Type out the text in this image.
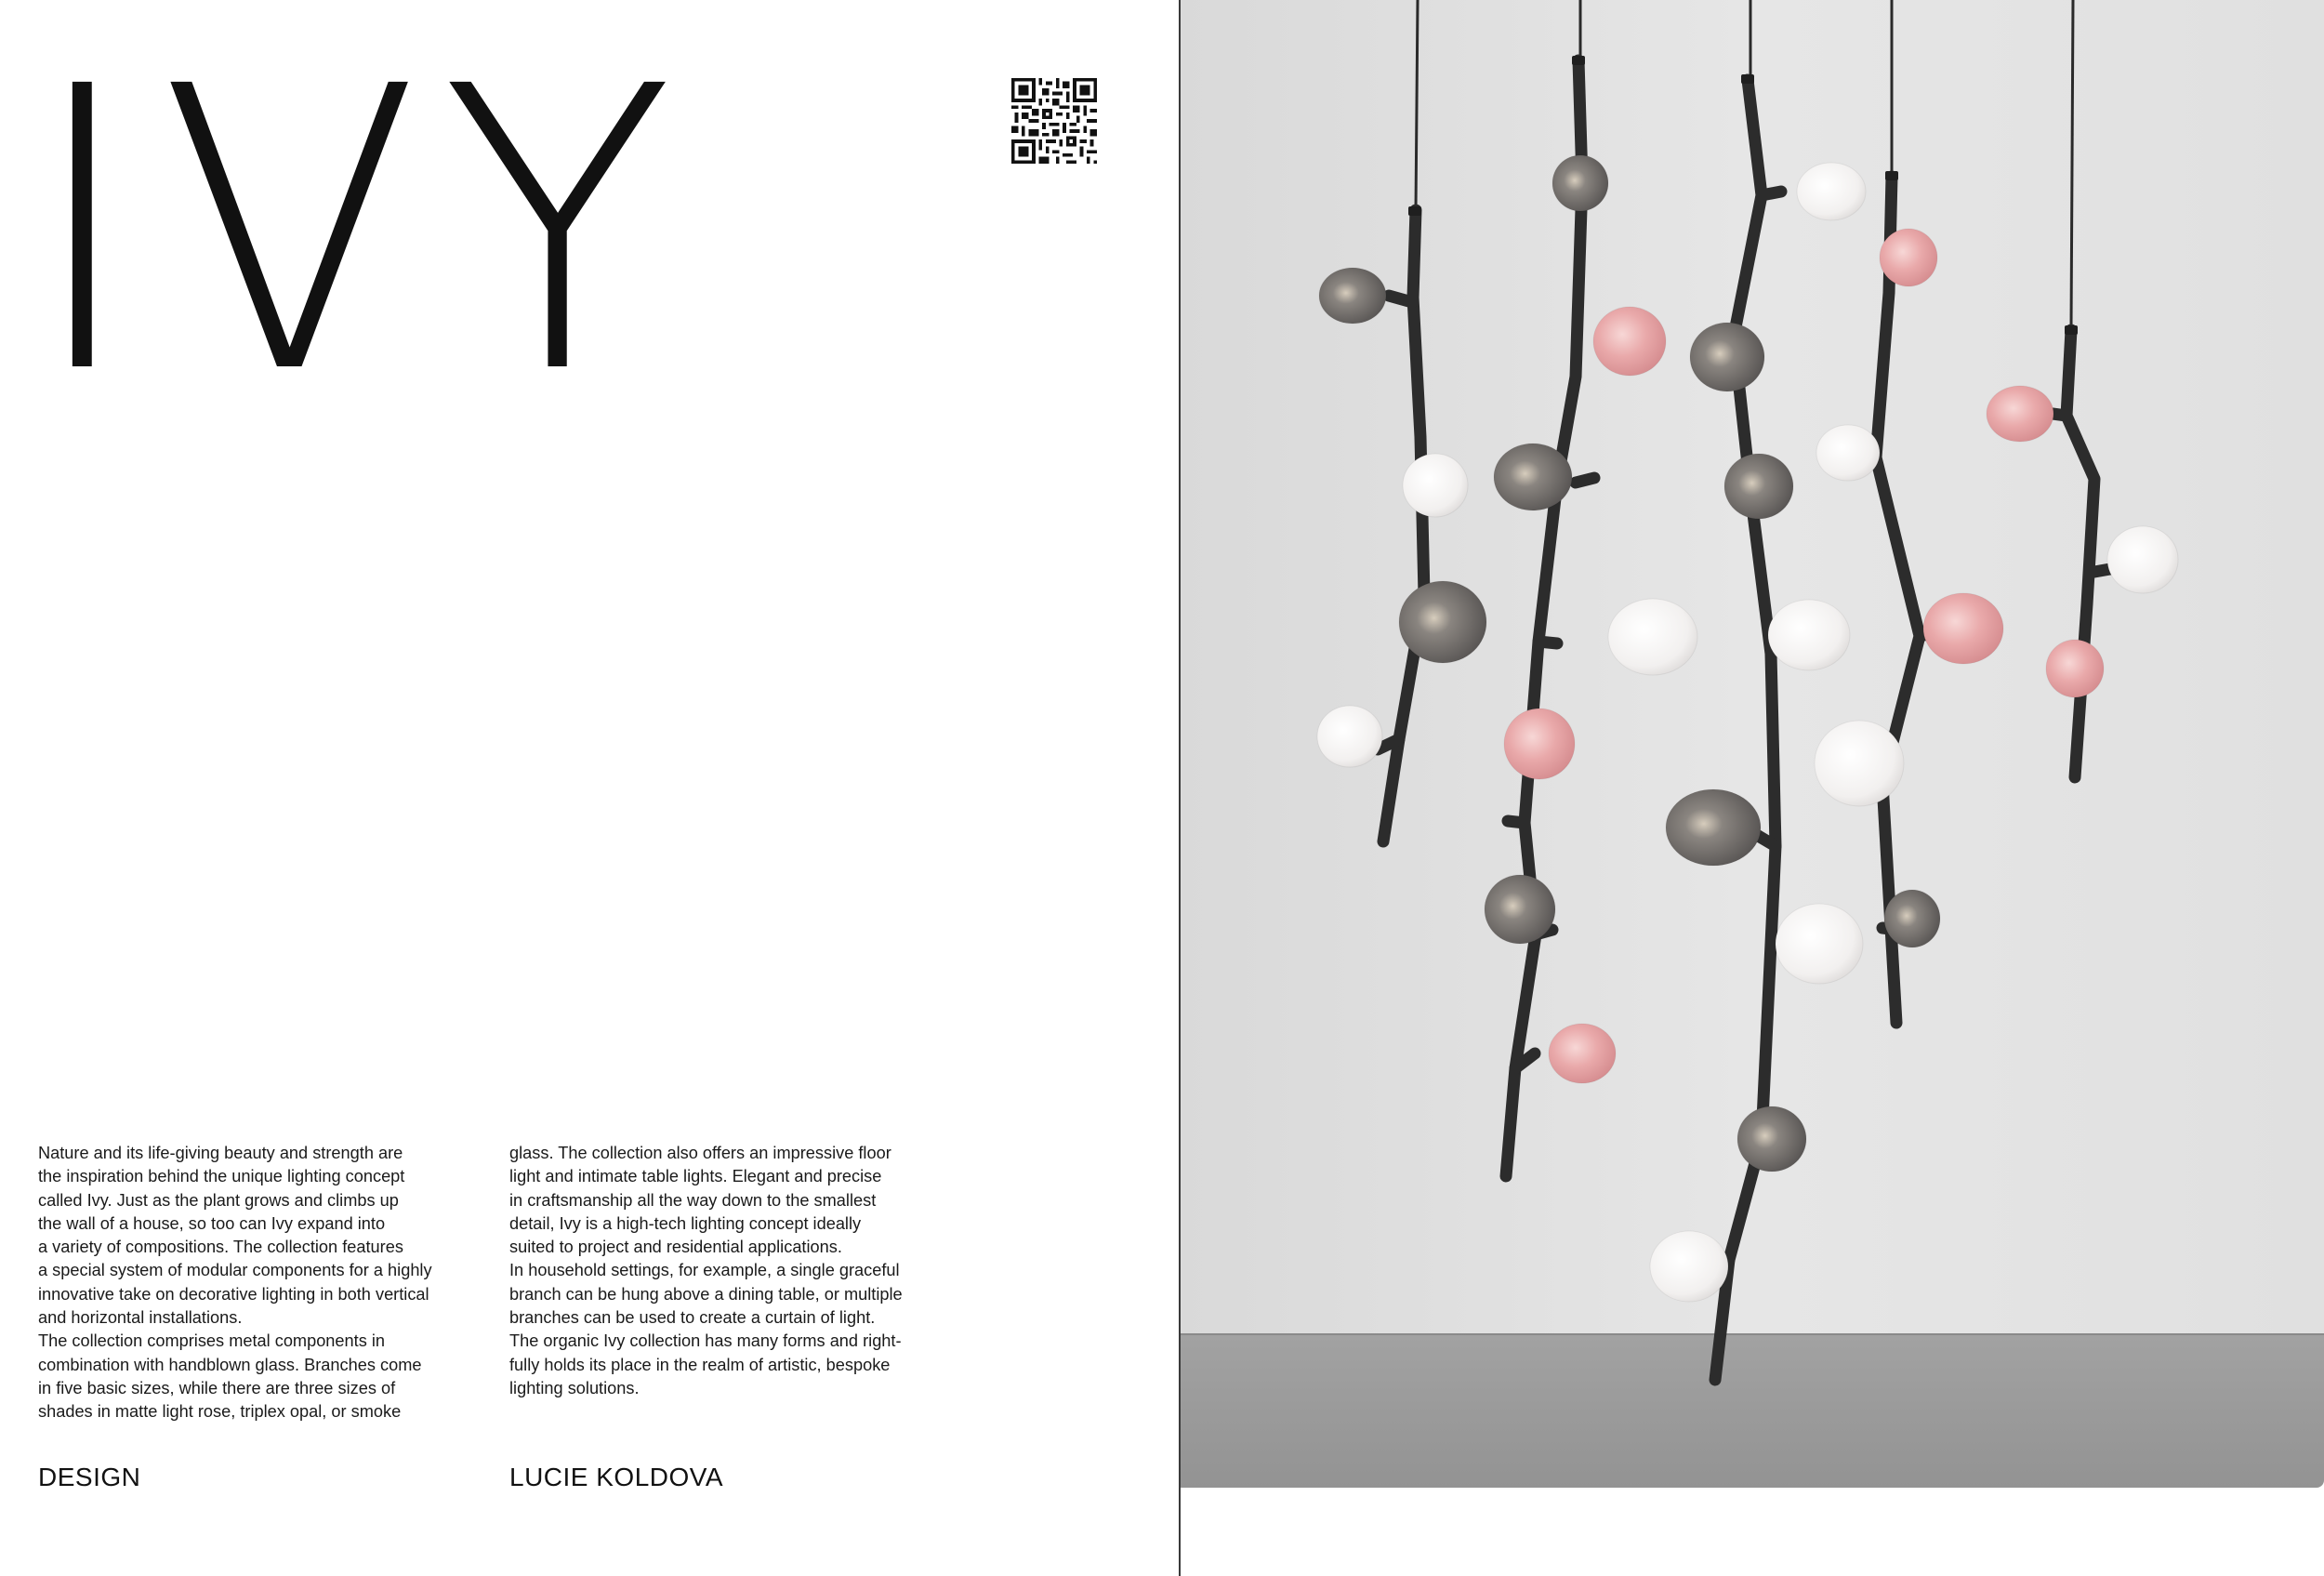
IVY

Nature and its life-giving beauty and strength are

the inspiration behind the unique lighting concept

called Ivy. Just as the plant grows and climbs up

the wall of a house, so too can Ivy expand into

a variety of compositions. The collection features

a special system of modular components for a highly

innovative take on decorative lighting in both vertical

and horizontal installations.

The collection comprises metal components in

combination with handblown glass. Branches come

in five basic sizes, while there are three sizes of

shades in matte light rose, triplex opal, or smoke

glass. The collection also offers an impressive floor

light and intimate table lights. Elegant and precise

in craftsmanship all the way down to the smallest

detail, Ivy is a high-tech lighting concept ideally

suited to project and residential applications.

In household settings, for example, a single graceful

branch can be hung above a dining table, or multiple

branches can be used to create a curtain of light.

The organic Ivy collection has many forms and right-

fully holds its place in the realm of artistic, bespoke

lighting solutions.

DESIGN	LUCIE KOLDOVA
